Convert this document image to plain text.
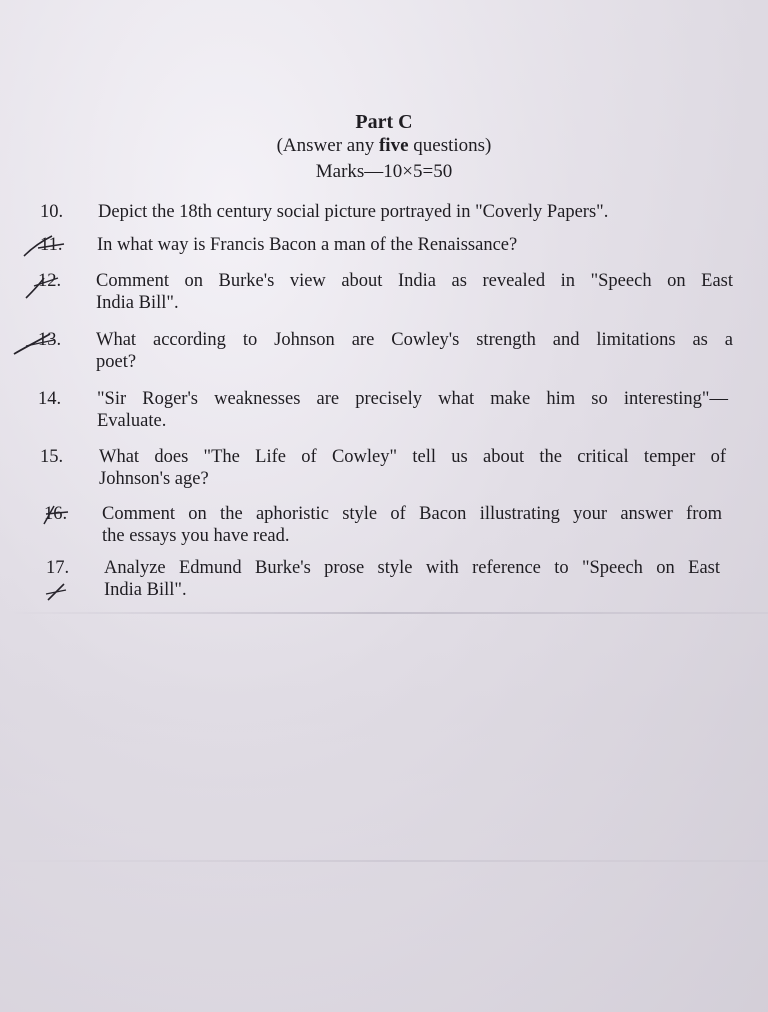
Part C
(Answer any five questions)
Marks—10×5=50
10. Depict the 18th century social picture portrayed in "Coverly Papers".
11. In what way is Francis Bacon a man of the Renaissance?
12. Comment on Burke's view about India as revealed in "Speech on East
India Bill".
13. What according to Johnson are Cowley's strength and limitations as a
poet?
14. "Sir Roger's weaknesses are precisely what make him so interesting"—
Evaluate.
15. What does "The Life of Cowley" tell us about the critical temper of
Johnson's age?
16. Comment on the aphoristic style of Bacon illustrating your answer from
the essays you have read.
17. Analyze Edmund Burke's prose style with reference to "Speech on East
India Bill".
